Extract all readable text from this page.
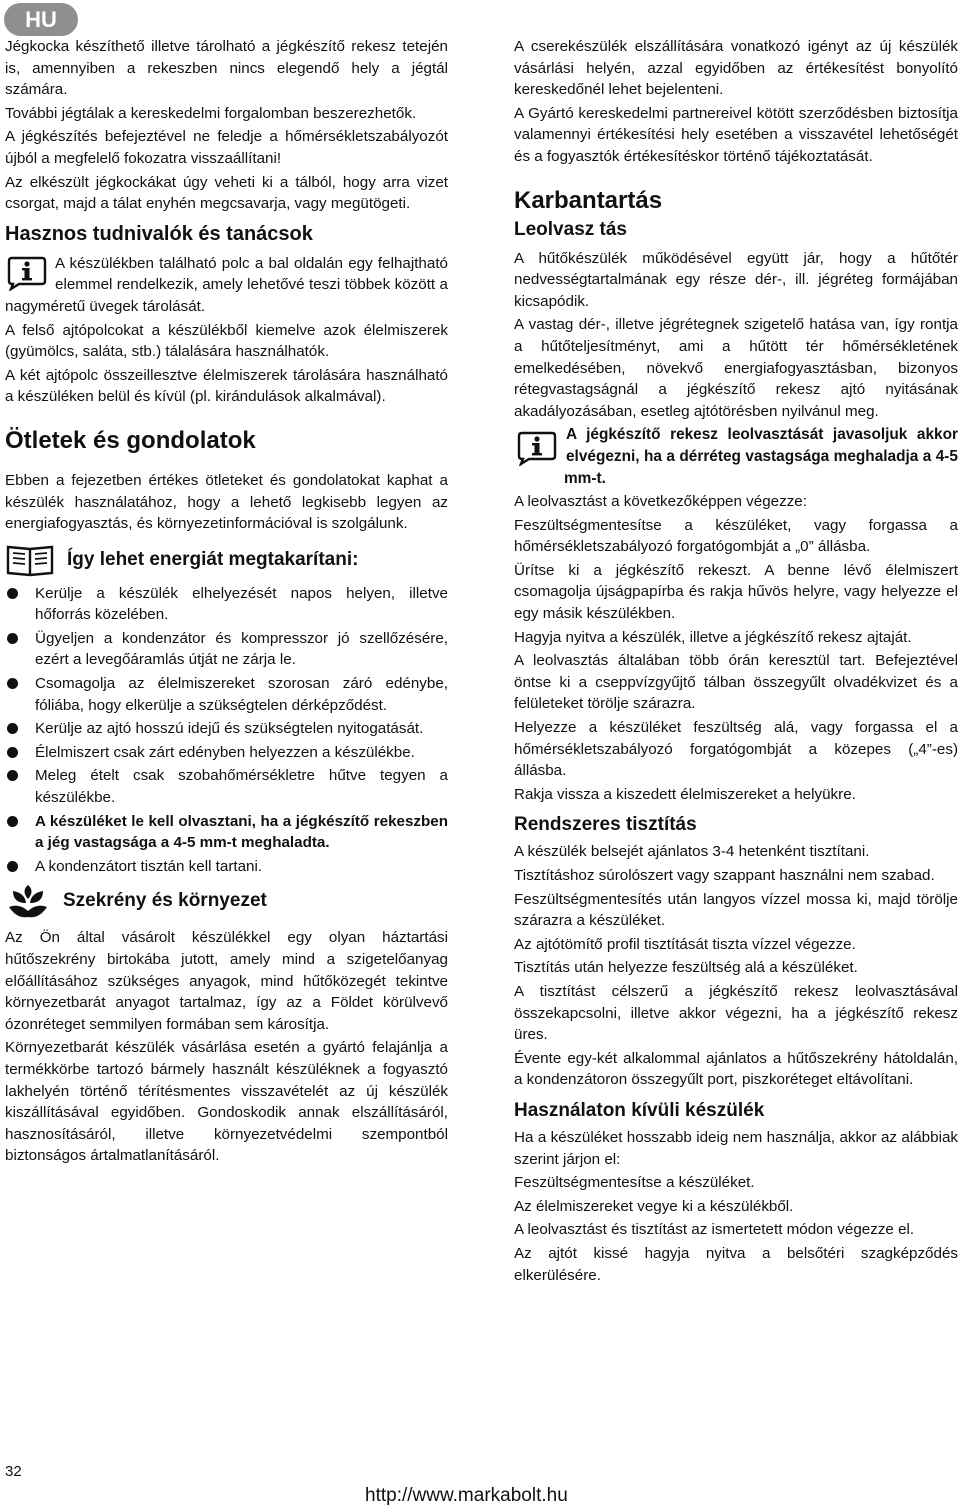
HU

Jégkocka készíthető illetve tárolható a jégkészítő rekesz tetején is, amennyiben a rekeszben nincs elegendő hely a jégtál számára.

További jégtálak a kereskedelmi forgalomban beszerezhetők.

A jégkészítés befejeztével ne feledje a hőmérsékletszabályozót újból a megfelelő fokozatra visszaállítani!

Az elkészült jégkockákat úgy veheti ki a tálból, hogy arra vizet csorgat, majd a tálat enyhén megcsavarja, vagy megütögeti.

Hasznos tudnivalók és tanácsok

A készülékben található polc a bal oldalán egy felhajtható elemmel rendelkezik, amely lehetővé teszi többek között a nagyméretű üvegek tárolását.

A felső ajtópolcokat a készülékből kiemelve azok élelmiszerek (gyümölcs, saláta, stb.) tálalására használhatók.

A két ajtópolc összeillesztve élelmiszerek tárolására használható a készüléken belül és kívül (pl. kirándulások alkalmával).

Ötletek és gondolatok

Ebben a fejezetben értékes ötleteket és gondolatokat kaphat a készülék használatához, hogy a lehető legkisebb legyen az energiafogyasztás, és környezetinformációval is szolgálunk.

Így lehet energiát megtakarítani:
Kerülje a készülék elhelyezését napos helyen, illetve hőforrás közelében.
Ügyeljen a kondenzátor és kompresszor jó szellőzésére, ezért a levegőáramlás útját ne zárja le.
Csomagolja az élelmiszereket szorosan záró edénybe, fóliába, hogy elkerülje a szükségtelen dérképződést.
Kerülje az ajtó hosszú idejű és szükségtelen nyitogatását.
Élelmiszert csak zárt edényben helyezzen a készülékbe.
Meleg ételt csak szobahőmérsékletre hűtve tegyen a készülékbe.
A készüléket le kell olvasztani, ha a jégkészítő rekeszben a jég vastagsága a 4-5 mm-t meghaladta.
A kondenzátort tisztán kell tartani.
Szekrény és környezet

Az Ön által vásárolt készülékkel egy olyan háztartási hűtőszekrény birtokába jutott, amely mind a szigetelőanyag előállításához szükséges anyagok, mind hűtőközegét tekintve környezetbarát anyagot tartalmaz, így az a Földet körülvevő ózonréteget semmilyen formában sem károsítja.

Környezetbarát készülék vásárlása esetén a gyártó felajánlja a termékkörbe tartozó bármely használt készüléknek a fogyasztó lakhelyén történő térítésmentes visszavételét az új készülék kiszállításával egyidőben. Gondoskodik annak elszállításáról, hasznosításáról, illetve környezetvédelmi szempontból biztonságos ártalmatlanításáról.

A cserekészülék elszállítására vonatkozó igényt az új készülék vásárlási helyén, azzal egyidőben az értékesítést bonyolító kereskedőnél lehet bejelenteni.

A Gyártó kereskedelmi partnereivel kötött szerződésben biztosítja valamennyi értékesítési hely esetében a visszavétel lehetőségét és a fogyasztók értékesítéskor történő tájékoztatását.

Karbantartás
Leolvasz tás

A hűtőkészülék működésével együtt jár, hogy a hűtőtér nedvességtartalmának egy része dér-, ill. jégréteg formájában kicsapódik.

A vastag dér-, illetve jégrétegnek szigetelő hatása van, így rontja a hűtőteljesítményt, ami a hűtött tér hőmérsékletének emelkedésében, növekvő energiafogyasztásban, bizonyos rétegvastagságnál a jégkészítő rekesz ajtó nyitásának akadályozásában, esetleg ajtótörésben nyilvánul meg.

A jégkészítő rekesz leolvasztását javasoljuk akkor elvégezni, ha a dérréteg vastagsága meghaladja a 4-5 mm-t.

A leolvasztást a következőképpen végezze:

Feszültségmentesítse a készüléket, vagy forgassa a hőmérsékletszabályozó forgatógombját a „0” állásba.

Ürítse ki a jégkészítő rekeszt. A benne lévő élelmiszert csomagolja újságpapírba és rakja hűvös helyre, vagy helyezze el egy másik készülékben.

Hagyja nyitva a készülék, illetve a jégkészítő rekesz ajtaját.

A leolvasztás általában több órán keresztül tart. Befejeztével öntse ki a cseppvízgyűjtő tálban összegyűlt olvadékvizet és a felületeket törölje szárazra.

Helyezze a készüléket feszültség alá, vagy forgassa el a hőmérsékletszabályozó forgatógombját a közepes („4”-es) állásba.

Rakja vissza a kiszedett élelmiszereket a helyükre.

Rendszeres tisztítás

A készülék belsejét ajánlatos 3-4 hetenként tisztítani.

Tisztításhoz súrolószert vagy szappant használni nem szabad.

Feszültségmentesítés után langyos vízzel mossa ki, majd törölje szárazra a készüléket.

Az ajtótömítő profil tisztítását tiszta vízzel végezze.

Tisztítás után helyezze feszültség alá a készüléket.

A tisztítást célszerű a jégkészítő rekesz leolvasztásával összekapcsolni, illetve akkor végezni, ha a jégkészítő rekesz üres.

Évente egy-két alkalommal ajánlatos a hűtőszekrény hátoldalán, a kondenzátoron összegyűlt port, piszkoréteget eltávolítani.

Használaton kívüli készülék

Ha a készüléket hosszabb ideig nem használja, akkor az alábbiak szerint járjon el:

Feszültségmentesítse a készüléket.

Az élelmiszereket vegye ki a készülékből.

A leolvasztást és tisztítást az ismertetett módon végezze el.

Az ajtót kissé hagyja nyitva a belsőtéri szagképződés elkerülésére.

32
http://www.markabolt.hu
